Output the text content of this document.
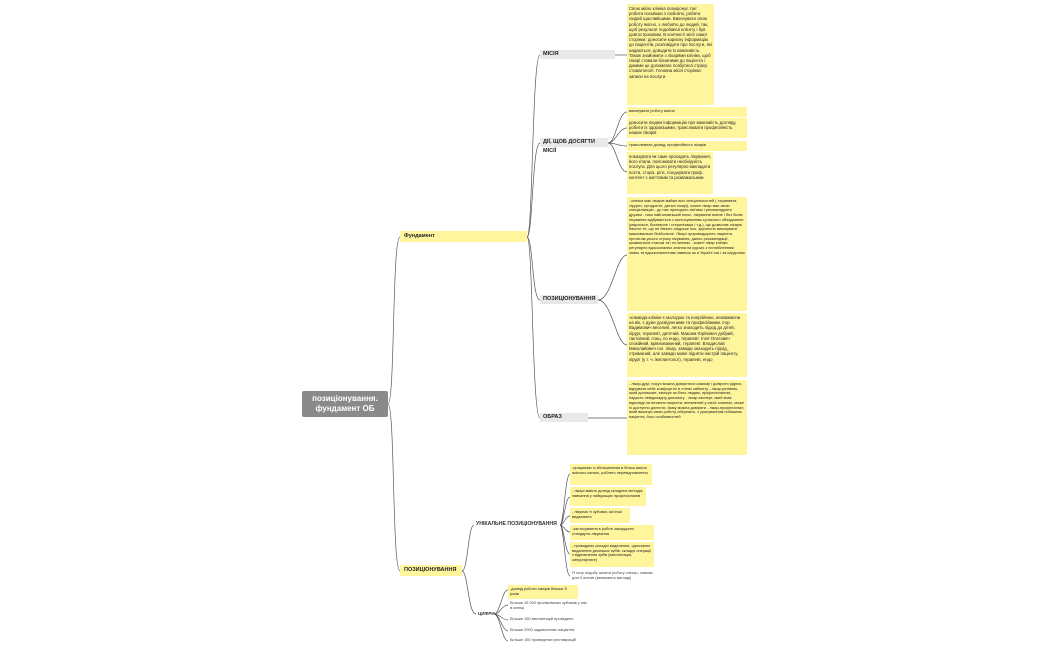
позиціонування. фундамент ОБ
Фундамент
ПОЗИЦІОНУВАННЯ
МІСІЯ
ДІЇ, ЩОБ ДОСЯГТИ МІСІЇ
ПОЗИЦІОНУВАННЯ
ОБРАЗ
Свою місію клініка позиціонує так: робити посмішки з любов'ю, робити людей щасливішими. Виконувати свою роботу якісно, з любов'ю до людей, так, щоб результат подобався клієнту і був довгостроковим. В контексті місії самої сторінки: доносити корисну інформацію до пацієнтів, розповідати про послуги, які надаються, доводити їх важливість. Також знайомити з лікарями клініки, щоб лікарі ставали ближчими до пацієнта і дикими це допомагає позбутися страху стоматології. Головна місія сторінки: записи на послуги.
виконувати роботу якісно
доносити людям інформацію про важливість догляду, робити їх здоровішими, транслювати професійність наших лікарів
транслювати досвід, професійність лікарів
показувати як саме проходить лікування, його етапи, пояснювати необхідність послуги. Для цього регулярно викладати пости, сторіз, рілс, поєднувати проф. контент з життєвим та розважальним
- клініка має лікарів майже всіх спеціальностей ( терапевти, хірурги, ортодонти, дитячі лікарі), кожен лікар має свою спеціалізацію - до нас приходять сім'ями і рекомендують друзям - наш найголовніший плюс- лікування якісне і без болю лікування відбувається з застосуванням сучасного обладнання (мікроскоп, біохімічне і стерилізація і т.д.), що дозволяє лікарю бачити те, що не бачить людське око, зручністю виконувати максимальне безболісне. Лікарі супроводжують пацієнта протягом усього строку лікування, дають рекомендації, цікавляться станом та і по ваннах - кожен лікар клініки регулярно вдосконалює знання на курсах з поглибленням знань та вдосконаленням навичок як в Україні так і за кордоном
-команда клініки є молодою та енергійною, незважаючи на вік, є дуже досвідченими та професійними. Ігор Вадимович веселий, легко знаходить підхід до дітей, хірург, терапевт, дитячий. Максим Юрійович добрий, тактовний, спец. по ендо, терапевт. Ілля Олегович спокійний, врівноважений, терапевт. Владислав Миколайович гол. лікар, завжди знаходить підхід, стриманий, але завжди може підняти настрій пацієнту, хірург (у т. ч. імплантолог), терапевт, ендо
- лікар-друг, поруч можна довіритися самому і довірити рідних, відчувати себе комфортно в стінах кабінету - лікар-рятівник, який допоможе, вилікує як бінго людям, професіоналом, надасть невідкладну допомогу - лікар-експерт, який знає відповіді на питання пацієнта, впевнений у своїх знаннях, може їх доступно донести, йому можна довіряти - лікар-професіонал, який виконує свою роботу обережно, з урахуванням побажань пацієнта, його особливостей
УНІКАЛЬНЕ ПОЗИЦІОНУВАННЯ
ЦИФРИ
-працюємо зі збільшенням в більш якісно якісного каналі, роблять перевідновлення
- лікарі мають досвід складних методів, навчання у найкращих професіоналів
- лікуємо ті зубчики, які інші видаляють
-застосування в роботі закордонні стандарти лікування
- проводимо складні видалення, одночасне видалення декількох зубів, складні операції з відновлення зубів (імплантація, синусліфтинг)
Я хочу подобу залити роботу спектр- знаком для її основі (виникають вигляді)
-досвід роботи лікарів більше 5 років
Більше 15 000 пролікованих зубчиків у нас в клініці
Більше 150 імплантацій проведено
Більше 2000 задоволених пацієнтів
Більше 150 проведених реставрацій
